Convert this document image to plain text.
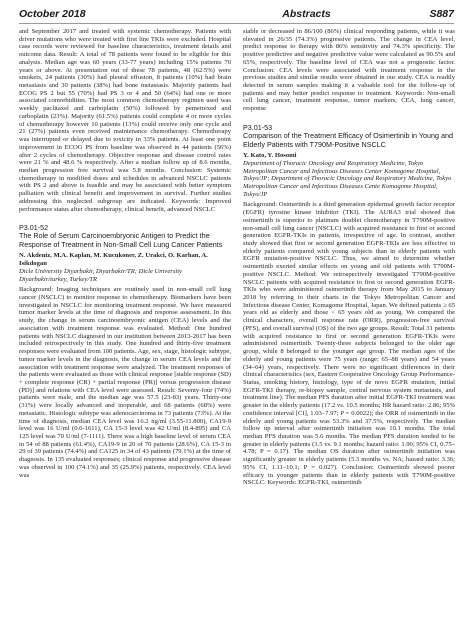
October 2018	Abstracts	S887

and September 2017 and treated with systemic chemotherapy. Patients with driver mutations who were treated with first line TKIs were excluded. Hospital case records were reviewed for baseline characteristics, treatment details and outcome data. Result: A total of 78 patients were found to be eligible for this analysis. Median age was 60 years (33-77 years) including 15% patients 70 years or above. At presentation out of these 78 patients, 48 (62.5%) were smokers, 24 patients (30%) had pleural effusion, 8 patients (10%) had brain metastasis and 30 patients (38%) had bone metastasis. Majority patients had ECOG PS 2 but 55 (70%) had PS 3 or 4 and 50 (64%) had one or more associated comorbidities. The most common chemotherapy regimen used was weekly paclitaxel and carboplatin (50%) followed by pemetrexed and carboplatin (23%). Majority (61.5%) patients could complete 4 or more cycles of chemotherapy however 10 patients (13%) could receive only one cycle and 21 (27%) patients even received maintenance chemotherapy. Chemotherapy was interrupted or delayed due to toxicity in 33% patients. At least one point improvement in ECOG PS from baseline was observed in 44 patients (56%) after 2 cycles of chemotherapy. Objective response and disease control rates were 21 % and 48.6 % respectively. After a median follow up of 8.6 months, median progression free survival was 5.8 months. Conclusion: Systemic chemotherapy in modified doses and schedules in advanced NSCLC patients with PS 2 and above is feasible and may be associated with better symptom palliation with clinical benefit and improvement in survival. Further studies addressing this neglected subgroup are indicated. Keywords: Improved performance status after chemotherapy, clinical benefit, advanced NSCLC

P3.01-52
The Role of Serum Carcinoembryonic Antigen to Predict the Response of Treatment in Non-Small Cell Lung Cancer Patients

N. Akdeniz, M.A. Kaplan, M. Kucukoner, Z. Urakci, O. Karhan, A. Isikdogan

Dicle University Diyarbakir, Diyarbakir/TR; Dicle University Diyarbakir/turkey, Turkey/TR

Background: Imaging techniques are routinely used in non-small cell lung cancer (NSCLC) to monitor response to chemotherapy. Biomarkers have been investigated in NSCLC for monitoring treatment response. We have measured tumor marker levels at the time of diagnosis and response assessment. In this study, the change in serum carcinoembryonic antigen (CEA) levels and the association with treatment response was evaluated. Method: One hundred patients with NSCLC diagnosed in our institution between 2013-2017 has been included retrospectively in this study. One hundred and thirty-five treatment responses were evaluated from 100 patients. Age, sex, stage, histologic subtype, tumor marker levels in the diagnosis, the change in serum CEA levels and the association with treatment response were analyzed. The treatment responses of the patients were evaluated as those with clinical response [stable response (SD) + complete response (CR) + partial response (PR)] versus progression disease (PD)] and relations with CEA level were assessed. Result: Seventy-four (74%) patients were male, and the median age was 57.5 (23-83) years. Thirty-one (31%) were locally advanced and inoperable, and 68 patients (68%) were metastatic. Histologic subtype was adenocarcinoma in 73 patients (73%). At the time of diagnosis, median CEA level was 16.2 ng/ml (3.55-11.800), CA19-9 level was 16 U/ml (0.6-1611), CA 15-3 level was 42 U/ml (8.4-895) and CA 125 level was 70 U/ml (7-1111). There was a high baseline level of serum CEA in 54 of 88 patients (61.4%), CA19-9 in 20 of 70 patients (28.6%), CA 15-3 in 29 of 39 patients (74.4%) and CA125 in 34 of 43 patients (79.1%) at the time of diagnosis. In 135 evaluated responses; clinical response and progressive disease was observed in 100 (74.1%) and 35 (25.9%) patients, respectively. CEA level was

stable or decreased in 86/100 (86%) clinical responding patients, while it was elevated in 26/35 (74.3%) progressive patients. The change in CEA level, predict response to therapy with 86% sensitivity and 74.3% specificity. The positive predictive and negative predictive value were calculated as 90.5% and 65%, respectively. The baseline level of CEA was not a prognostic factor. Conclusion: CEA levels were associated with treatment response in the previous studies and similar results were obtained in our study. CEA is readily detected in serum samples making it a valuable tool for the follow-up of patients and may better predict response to treatment. Keywords: Non-small cell lung cancer, treatment response, tumor markers, CEA, lung cancer, response

P3.01-53
Comparison of the Treatment Efficacy of Osimertinib in Young and Elderly Patients with T790M-Positive NSCLC

Y. Kato, Y. Hosomi

Department of Thoracic Oncology and Respiratory Medicine, Tokyo Metropolitan Cancer and Infectious Diseases Center Komagome Hospital, Tokyo/JP; Department of Thoracic Oncology and Respiratory Medicine, Tokyo Metropolitan Cancer and Infectious Diseases Cente Komagome Hospital, Tokyo/JP

Background: Osimertinib is a third generation epidermal growth factor receptor (EGFR) tyrosine kinase inhibitor (TKI). The AURA3 trial showed that osimertinib is superior to platinum doublet chemotherapy in T790M-positive non-small cell lung cancer (NSCLC) with acquired resistance to first or second generation EGFR-TKIs in patients, irrespective of age. In contrast, another study showed that first or second generation EGFR-TKIs are less effective in elderly patients compared with young subjects than in elderly patients with EGFR mutation-positive NSCLC. Thus, we aimed to determine whether osimertinib exerted similar effects on young and old patients with T790M-positive NSCLC. Method: We retrospectively investigated T790M-positive NSCLC patients with acquired resistance to first or second generation EGFR-TKIs who were administered osimertinib therapy from May 2015 to January 2018 by referring to their charts in the Tokyo Metropolitan Cancer and Infectious disease Center, Komagome Hospital, Japan. We defined patients ≥ 65 years old as elderly and those < 65 years old as young. We compared the clinical characters, overall response rate (ORR), progression-free survival (PFS), and overall survival (OS) of the two age groups. Result: Total 31 patients with acquired resistance to first or second generation EGFR-TKIs were administered osimertinib. Twenty-three subjects belonged to the older age group, while 8 belonged to the younger age group. The median ages of the elderly and young patients were 75 years (range: 65–88 years) and 54 years (34–64) years, respectively. There were no significant differences in their clinical characteristics (sex, Eastern Cooperative Oncology Group Performance-Status, smoking history, histology, type of de novo EGFR mutation, initial EGFR-TKI therapy, re-biopsy sample, central nervous system metastasis, and treatment line). The median PFS duration after initial EGFR-TKI treatment was greater in the elderly patients (17.2 vs. 10.5 months; HR hazard ratio: 2.86; 95% confidence interval [CI], 1.03–7.97; P = 0.0022); the ORR of osimertinib in the elderly and young patients was 53.3% and 37.5%, respectively. The median follow up interval after osimertinib initiation was 10.1 months. The total median PFS duration was 5.6 months. The median PFS duration tended to be greater in elderly patients (3.5 vs. 9.1 months; hazard ratio: 1.90; 95% CI, 0.75–4.78; P = 0.17). The median OS duration after osimertinib initiation was significantly greater in elderly patients (5.3 months vs. NA; hazard ratio: 3.36; 95% CI, 1.11–10.1; P = 0.027). Conclusion: Osimertinib showed poorer efficacy in younger patients than in elderly patients with T790M-positive NSCLC. Keywords: EGFR-TKI, osimertinib
